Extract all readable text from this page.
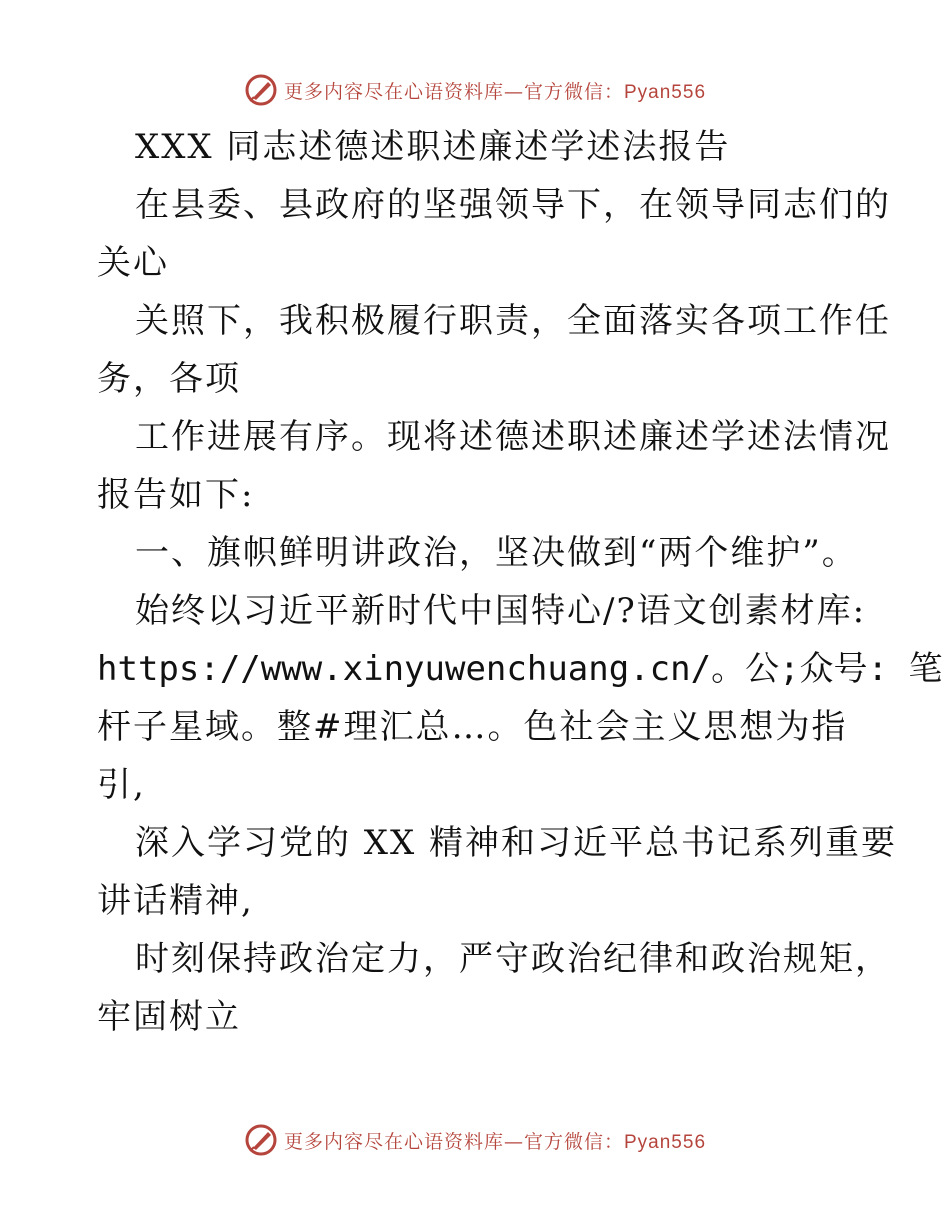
更多内容尽在心语资料库—官方微信：Pyan556
XXX 同志述德述职述廉述学述法报告
在县委、县政府的坚强领导下，在领导同志们的
关心
关照下，我积极履行职责，全面落实各项工作任
务，各项
工作进展有序。现将述德述职述廉述学述法情况
报告如下:
一、旗帜鲜明讲政治，坚决做到“两个维护”。
始终以习近平新时代中国特心/?语文创素材库:
https://www.xinyuwenchuang.cn/。公;众号: 笔
杆子星域。整#理汇总…。色社会主义思想为指
引,
深入学习党的 XX 精神和习近平总书记系列重要
讲话精神,
时刻保持政治定力，严守政治纪律和政治规矩，
牢固树立
更多内容尽在心语资料库—官方微信：Pyan556
